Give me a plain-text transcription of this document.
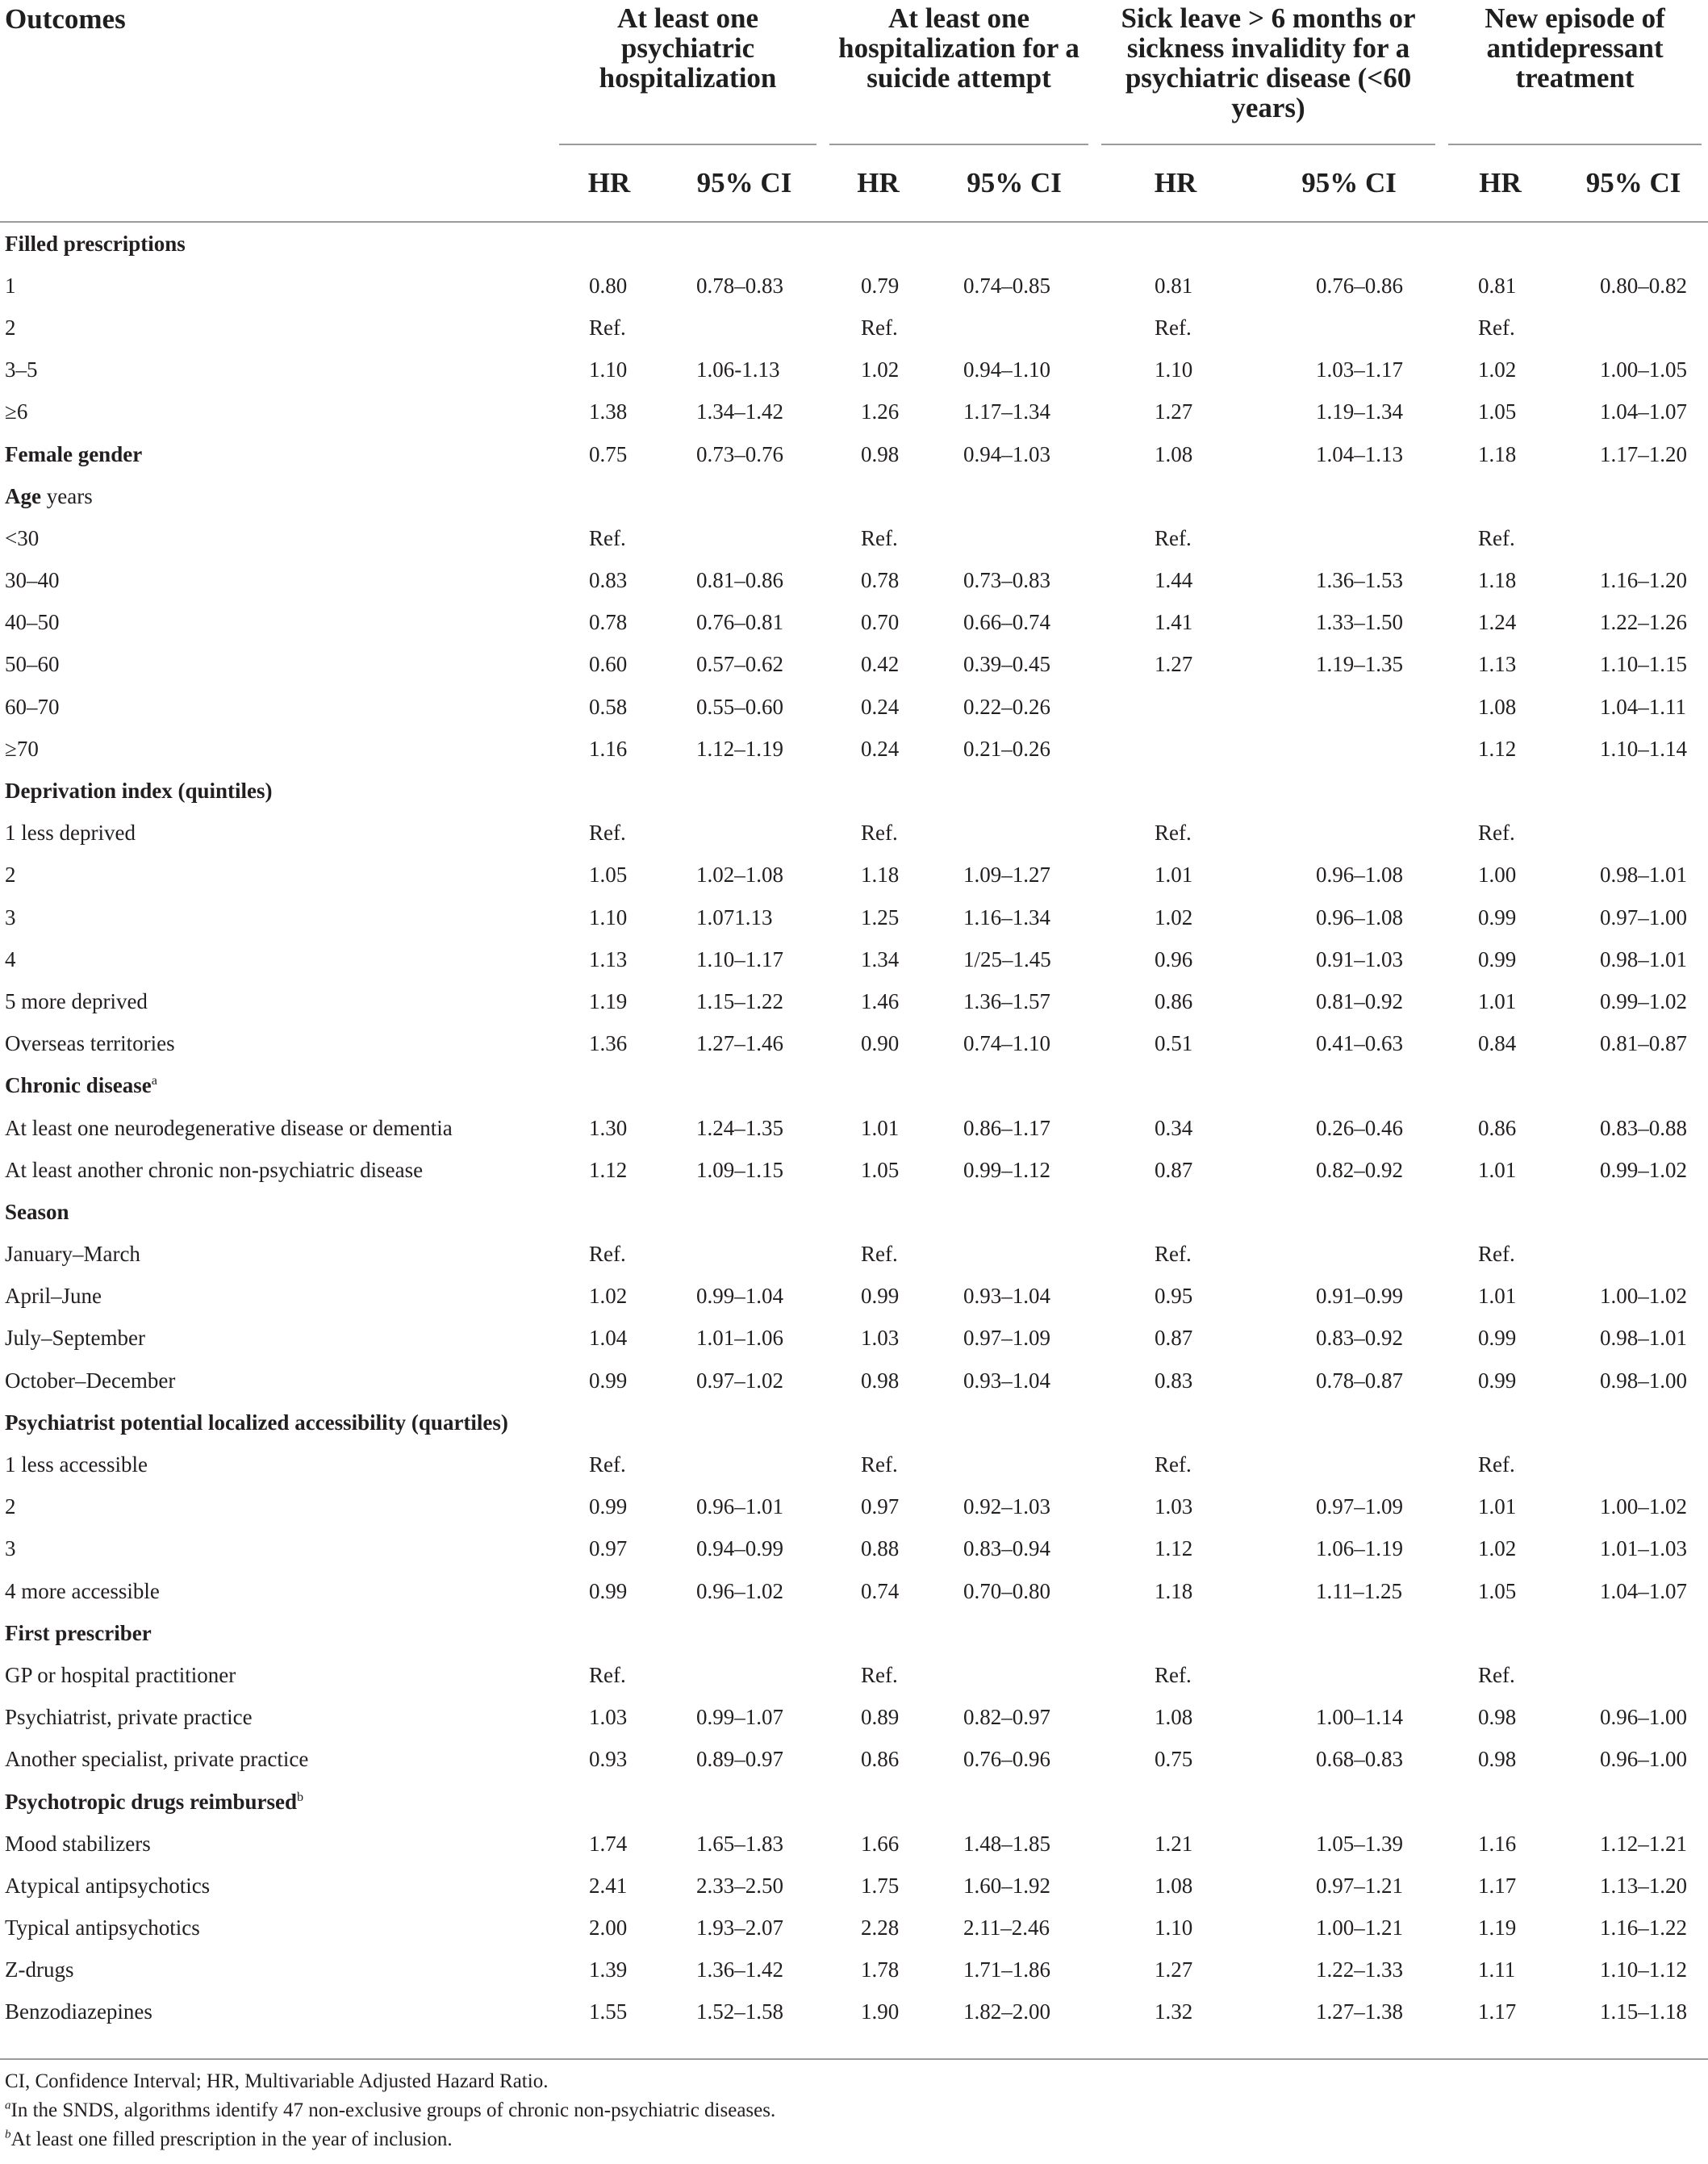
Outcomes	At least one psychiatric hospitalization		At least one hospitalization for a suicide attempt		Sick leave > 6 months or sickness invalidity for a psychiatric disease (<60 years)		New episode of antidepressant treatment	
	HR	95% CI	HR	95% CI	HR	95% CI	HR	95% CI

Filled prescriptions								
1	0.80	0.78–0.83	0.79	0.74–0.85	0.81	0.76–0.86	0.81	0.80–0.82
2	Ref.		Ref.		Ref.		Ref.	
3–5	1.10	1.06-1.13	1.02	0.94–1.10	1.10	1.03–1.17	1.02	1.00–1.05
≥6	1.38	1.34–1.42	1.26	1.17–1.34	1.27	1.19–1.34	1.05	1.04–1.07
Female gender	0.75	0.73–0.76	0.98	0.94–1.03	1.08	1.04–1.13	1.18	1.17–1.20
Age years								
<30	Ref.		Ref.		Ref.		Ref.	
30–40	0.83	0.81–0.86	0.78	0.73–0.83	1.44	1.36–1.53	1.18	1.16–1.20
40–50	0.78	0.76–0.81	0.70	0.66–0.74	1.41	1.33–1.50	1.24	1.22–1.26
50–60	0.60	0.57–0.62	0.42	0.39–0.45	1.27	1.19–1.35	1.13	1.10–1.15
60–70	0.58	0.55–0.60	0.24	0.22–0.26			1.08	1.04–1.11
≥70	1.16	1.12–1.19	0.24	0.21–0.26			1.12	1.10–1.14
Deprivation index (quintiles)								
1 less deprived	Ref.		Ref.		Ref.		Ref.	
2	1.05	1.02–1.08	1.18	1.09–1.27	1.01	0.96–1.08	1.00	0.98–1.01
3	1.10	1.071.13	1.25	1.16–1.34	1.02	0.96–1.08	0.99	0.97–1.00
4	1.13	1.10–1.17	1.34	1/25–1.45	0.96	0.91–1.03	0.99	0.98–1.01
5 more deprived	1.19	1.15–1.22	1.46	1.36–1.57	0.86	0.81–0.92	1.01	0.99–1.02
Overseas territories	1.36	1.27–1.46	0.90	0.74–1.10	0.51	0.41–0.63	0.84	0.81–0.87
Chronic disease$^a$								
At least one neurodegenerative disease or dementia	1.30	1.24–1.35	1.01	0.86–1.17	0.34	0.26–0.46	0.86	0.83–0.88
At least another chronic non-psychiatric disease	1.12	1.09–1.15	1.05	0.99–1.12	0.87	0.82–0.92	1.01	0.99–1.02
Season								
January–March	Ref.		Ref.		Ref.		Ref.	
April–June	1.02	0.99–1.04	0.99	0.93–1.04	0.95	0.91–0.99	1.01	1.00–1.02
July–September	1.04	1.01–1.06	1.03	0.97–1.09	0.87	0.83–0.92	0.99	0.98–1.01
October–December	0.99	0.97–1.02	0.98	0.93–1.04	0.83	0.78–0.87	0.99	0.98–1.00
Psychiatrist potential localized accessibility (quartiles)								
1 less accessible	Ref.		Ref.		Ref.		Ref.	
2	0.99	0.96–1.01	0.97	0.92–1.03	1.03	0.97–1.09	1.01	1.00–1.02
3	0.97	0.94–0.99	0.88	0.83–0.94	1.12	1.06–1.19	1.02	1.01–1.03
4 more accessible	0.99	0.96–1.02	0.74	0.70–0.80	1.18	1.11–1.25	1.05	1.04–1.07
First prescriber								
GP or hospital practitioner	Ref.		Ref.		Ref.		Ref.	
Psychiatrist, private practice	1.03	0.99–1.07	0.89	0.82–0.97	1.08	1.00–1.14	0.98	0.96–1.00
Another specialist, private practice	0.93	0.89–0.97	0.86	0.76–0.96	0.75	0.68–0.83	0.98	0.96–1.00
Psychotropic drugs reimbursed$^b$								
Mood stabilizers	1.74	1.65–1.83	1.66	1.48–1.85	1.21	1.05–1.39	1.16	1.12–1.21
Atypical antipsychotics	2.41	2.33–2.50	1.75	1.60–1.92	1.08	0.97–1.21	1.17	1.13–1.20
Typical antipsychotics	2.00	1.93–2.07	2.28	2.11–2.46	1.10	1.00–1.21	1.19	1.16–1.22
Z-drugs	1.39	1.36–1.42	1.78	1.71–1.86	1.27	1.22–1.33	1.11	1.10–1.12
Benzodiazepines	1.55	1.52–1.58	1.90	1.82–2.00	1.32	1.27–1.38	1.17	1.15–1.18

CI, Confidence Interval; HR, Multivariable Adjusted Hazard Ratio.

$^a$In the SNDS, algorithms identify 47 non-exclusive groups of chronic non-psychiatric diseases.

$^b$At least one filled prescription in the year of inclusion.
